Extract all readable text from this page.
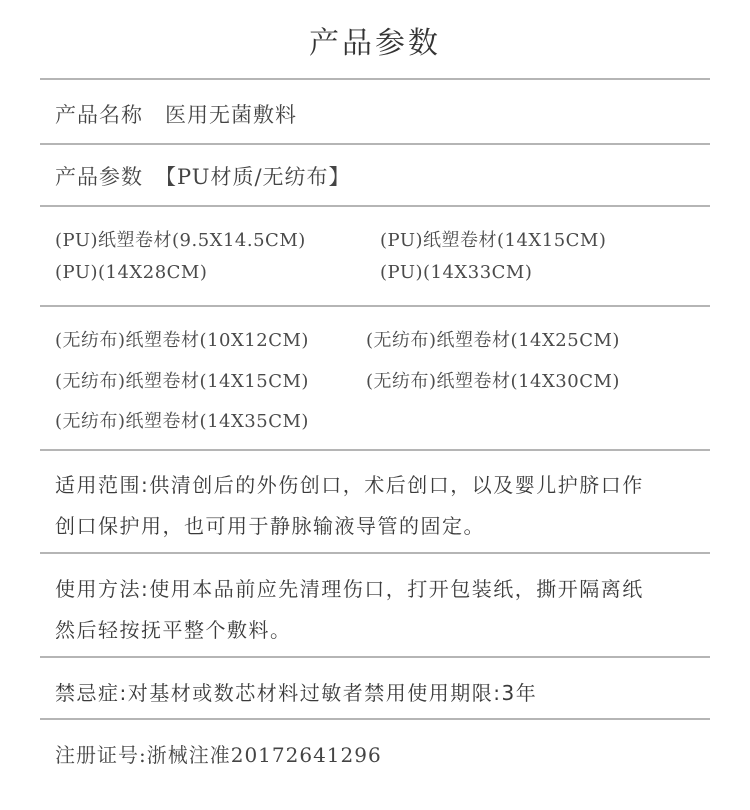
产品参数
产品名称 医用无菌敷料
产品参数 【PU材质/无纺布】
(PU)纸塑卷材(9.5X14.5CM)	(PU)纸塑卷材(14X15CM)
(PU)(14X28CM)	(PU)(14X33CM)
(无纺布)纸塑卷材(10X12CM)	(无纺布)纸塑卷材(14X25CM)
(无纺布)纸塑卷材(14X15CM)	(无纺布)纸塑卷材(14X30CM)
(无纺布)纸塑卷材(14X35CM)
适用范围:供清创后的外伤创口，术后创口，以及婴儿护脐口作
创口保护用，也可用于静脉输液导管的固定。
使用方法:使用本品前应先清理伤口，打开包装纸，撕开隔离纸
然后轻按抚平整个敷料。
禁忌症:对基材或数芯材料过敏者禁用使用期限:3年
注册证号:浙械注准20172641296
